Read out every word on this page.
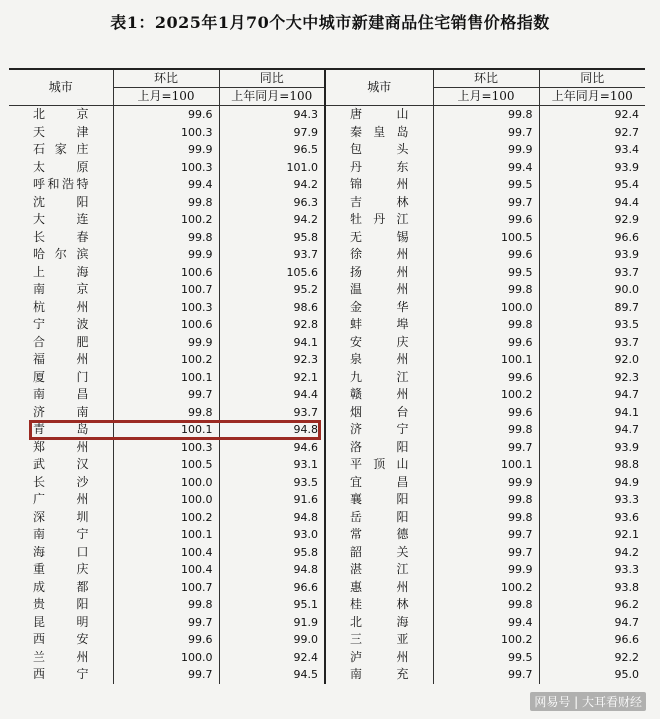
表1：2025年1月70个大中城市新建商品住宅销售价格指数
城市	环比	同比	城市	环比	同比
	上月=100	上年同月=100		上月=100	上年同月=100
北京	99.6	94.3	唐山	99.8	92.4
天津	100.3	97.9	秦皇岛	99.7	92.7
石家庄	99.9	96.5	包头	99.9	93.4
太原	100.3	101.0	丹东	99.4	93.9
呼和浩特	99.4	94.2	锦州	99.5	95.4
沈阳	99.8	96.3	吉林	99.7	94.4
大连	100.2	94.2	牡丹江	99.6	92.9
长春	99.8	95.8	无锡	100.5	96.6
哈尔滨	99.9	93.7	徐州	99.6	93.9
上海	100.6	105.6	扬州	99.5	93.7
南京	100.7	95.2	温州	99.8	90.0
杭州	100.3	98.6	金华	100.0	89.7
宁波	100.6	92.8	蚌埠	99.8	93.5
合肥	99.9	94.1	安庆	99.6	93.7
福州	100.2	92.3	泉州	100.1	92.0
厦门	100.1	92.1	九江	99.6	92.3
南昌	99.7	94.4	赣州	100.2	94.7
济南	99.8	93.7	烟台	99.6	94.1
青岛	100.1	94.8	济宁	99.8	94.7
郑州	100.3	94.6	洛阳	99.7	93.9
武汉	100.5	93.1	平顶山	100.1	98.8
长沙	100.0	93.5	宜昌	99.9	94.9
广州	100.0	91.6	襄阳	99.8	93.3
深圳	100.2	94.8	岳阳	99.8	93.6
南宁	100.1	93.0	常德	99.7	92.1
海口	100.4	95.8	韶关	99.7	94.2
重庆	100.4	94.8	湛江	99.9	93.3
成都	100.7	96.6	惠州	100.2	93.8
贵阳	99.8	95.1	桂林	99.8	96.2
昆明	99.7	91.9	北海	99.4	94.7
西安	99.6	99.0	三亚	100.2	96.6
兰州	100.0	92.4	泸州	99.5	92.2
西宁	99.7	94.5	南充	99.7	95.0
网易号 | 大耳看财经
